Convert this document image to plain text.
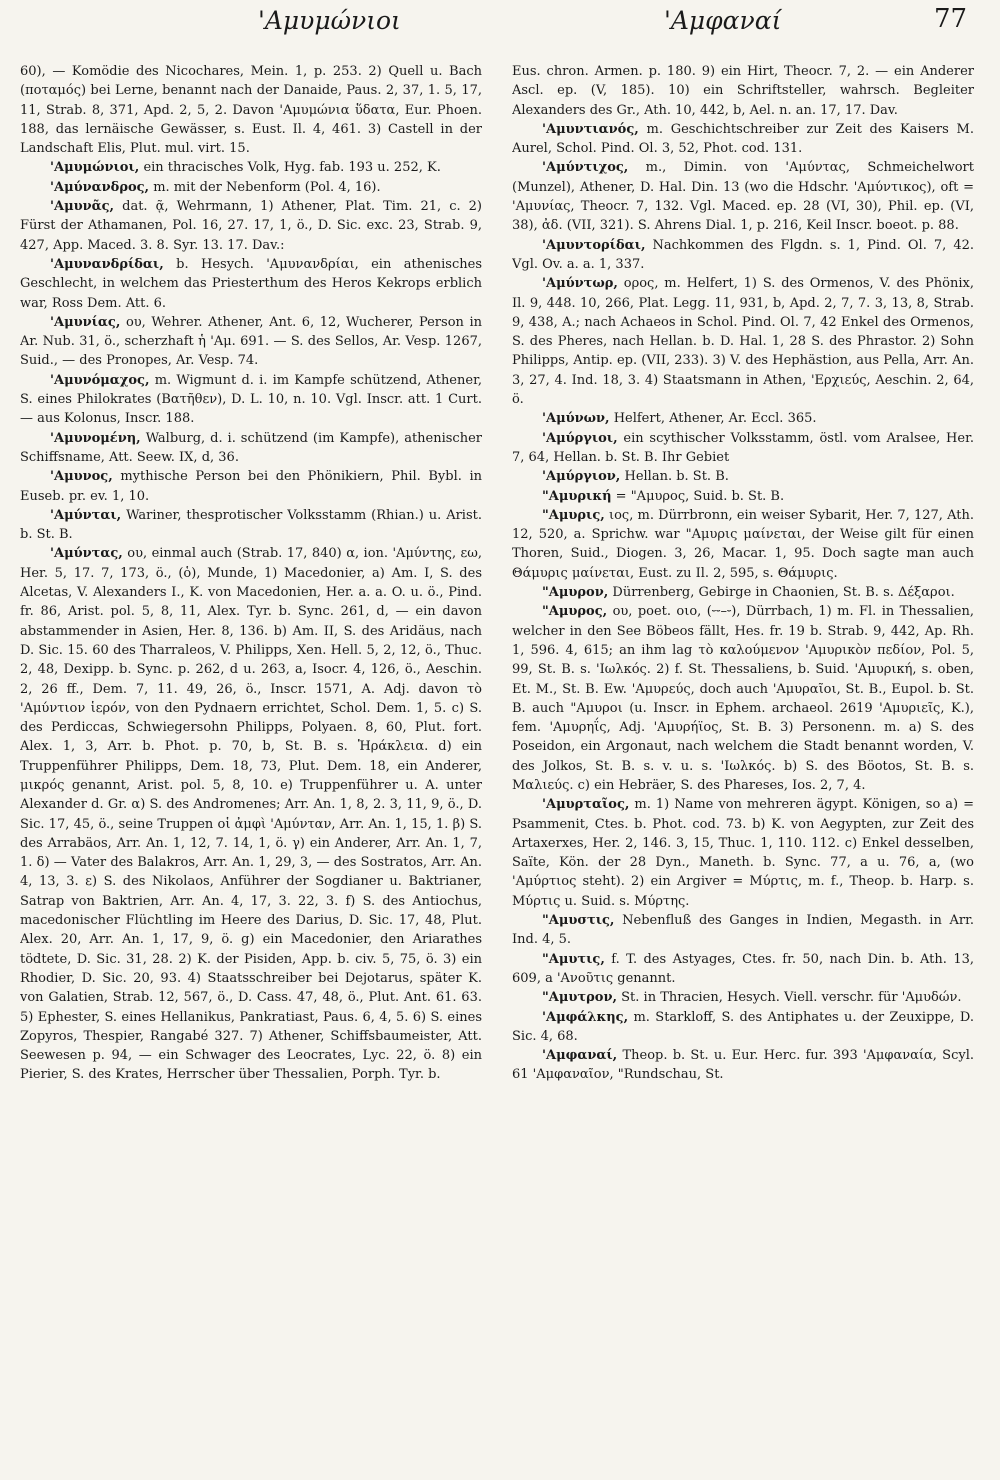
'Αμυμώνιοι	'Αμφαναί	77

60), — Komödie des Nicochares, Mein. 1, p. 253. 2) Quell u. Bach (ποταμός) bei Lerne, benannt nach der Danaide, Paus. 2, 37, 1. 5, 17, 11, Strab. 8, 371, Apd. 2, 5, 2. Davon 'Αμυμώνια ὕδατα, Eur. Phoen. 188, das lernäische Gewässer, s. Eust. Il. 4, 461. 3) Castell in der Landschaft Elis, Plut. mul. virt. 15.

'Αμυμώνιοι, ein thracisches Volk, Hyg. fab. 193 u. 252, K.

'Αμύνανδρος, m. mit der Nebenform (Pol. 4, 16).

'Αμυνᾶς, dat. ᾷ, Wehrmann, 1) Athener, Plat. Tim. 21, c. 2) Fürst der Athamanen, Pol. 16, 27. 17, 1, ö., D. Sic. exc. 23, Strab. 9, 427, App. Maced. 3. 8. Syr. 13. 17. Dav.:

'Αμυνανδρίδαι, b. Hesych. 'Αμυνανδρίαι, ein athenisches Geschlecht, in welchem das Priesterthum des Heros Kekrops erblich war, Ross Dem. Att. 6.

'Αμυνίας, ου, Wehrer. Athener, Ant. 6, 12, Wucherer, Person in Ar. Nub. 31, ö., scherzhaft ἡ 'Αμ. 691. — S. des Sellos, Ar. Vesp. 1267, Suid., — des Pronopes, Ar. Vesp. 74.

'Αμυνόμαχος, m. Wigmunt d. i. im Kampfe schützend, Athener, S. eines Philokrates (Βατῆθεν), D. L. 10, n. 10. Vgl. Inscr. att. 1 Curt. — aus Kolonus, Inscr. 188.

'Αμυνομένη, Walburg, d. i. schützend (im Kampfe), athenischer Schiffsname, Att. Seew. IX, d, 36.

'Αμυνος, mythische Person bei den Phönikiern, Phil. Bybl. in Euseb. pr. ev. 1, 10.

'Αμύνται, Wariner, thesprotischer Volksstamm (Rhian.) u. Arist. b. St. B.

'Αμύντας, ου, einmal auch (Strab. 17, 840) α, ion. 'Αμύντης, εω, Her. 5, 17. 7, 173, ö., (ὁ), Munde, 1) Macedonier, a) Am. I, S. des Alcetas, V. Alexanders I., K. von Macedonien, Her. a. a. O. u. ö., Pind. fr. 86, Arist. pol. 5, 8, 11, Alex. Tyr. b. Sync. 261, d, — ein davon abstammender in Asien, Her. 8, 136. b) Am. II, S. des Aridäus, nach D. Sic. 15. 60 des Tharraleos, V. Philipps, Xen. Hell. 5, 2, 12, ö., Thuc. 2, 48, Dexipp. b. Sync. p. 262, d u. 263, a, Isocr. 4, 126, ö., Aeschin. 2, 26 ff., Dem. 7, 11. 49, 26, ö., Inscr. 1571, A. Adj. davon τὸ 'Αμύντιον ἱερόν, von den Pydnaern errichtet, Schol. Dem. 1, 5. c) S. des Perdiccas, Schwiegersohn Philipps, Polyaen. 8, 60, Plut. fort. Alex. 1, 3, Arr. b. Phot. p. 70, b, St. B. s. Ἡράκλεια. d) ein Truppenführer Philipps, Dem. 18, 73, Plut. Dem. 18, ein Anderer, μικρός genannt, Arist. pol. 5, 8, 10. e) Truppenführer u. A. unter Alexander d. Gr. α) S. des Andromenes; Arr. An. 1, 8, 2. 3, 11, 9, ö., D. Sic. 17, 45, ö., seine Truppen οἱ ἀμφὶ 'Αμύνταν, Arr. An. 1, 15, 1. β) S. des Arrabäos, Arr. An. 1, 12, 7. 14, 1, ö. γ) ein Anderer, Arr. An. 1, 7, 1. δ) — Vater des Balakros, Arr. An. 1, 29, 3, — des Sostratos, Arr. An. 4, 13, 3. ε) S. des Nikolaos, Anführer der Sogdianer u. Baktrianer, Satrap von Baktrien, Arr. An. 4, 17, 3. 22, 3. f) S. des Antiochus, macedonischer Flüchtling im Heere des Darius, D. Sic. 17, 48, Plut. Alex. 20, Arr. An. 1, 17, 9, ö. g) ein Macedonier, den Ariarathes tödtete, D. Sic. 31, 28. 2) K. der Pisiden, App. b. civ. 5, 75, ö. 3) ein Rhodier, D. Sic. 20, 93. 4) Staatsschreiber bei Dejotarus, später K. von Galatien, Strab. 12, 567, ö., D. Cass. 47, 48, ö., Plut. Ant. 61. 63. 5) Ephester, S. eines Hellanikus, Pankratiast, Paus. 6, 4, 5. 6) S. eines Zopyros, Thespier, Rangabé 327. 7) Athener, Schiffsbaumeister, Att. Seewesen p. 94, — ein Schwager des Leocrates, Lyc. 22, ö. 8) ein Pierier, S. des Krates, Herrscher über Thessalien, Porph. Tyr. b.

Eus. chron. Armen. p. 180. 9) ein Hirt, Theocr. 7, 2. — ein Anderer Ascl. ep. (V, 185). 10) ein Schriftsteller, wahrsch. Begleiter Alexanders des Gr., Ath. 10, 442, b, Ael. n. an. 17, 17. Dav.

'Αμυντιανός, m. Geschichtschreiber zur Zeit des Kaisers M. Aurel, Schol. Pind. Ol. 3, 52, Phot. cod. 131.

'Αμύντιχος, m., Dimin. von 'Αμύντας, Schmeichelwort (Munzel), Athener, D. Hal. Din. 13 (wo die Hdschr. 'Αμύντικος), oft = 'Αμυνίας, Theocr. 7, 132. Vgl. Maced. ep. 28 (VI, 30), Phil. ep. (VI, 38), ἀδ. (VII, 321). S. Ahrens Dial. 1, p. 216, Keil Inscr. boeot. p. 88.

'Αμυντορίδαι, Nachkommen des Flgdn. s. 1, Pind. Ol. 7, 42. Vgl. Ov. a. a. 1, 337.

'Αμύντωρ, ορος, m. Helfert, 1) S. des Ormenos, V. des Phönix, Il. 9, 448. 10, 266, Plat. Legg. 11, 931, b, Apd. 2, 7, 7. 3, 13, 8, Strab. 9, 438, A.; nach Achaeos in Schol. Pind. Ol. 7, 42 Enkel des Ormenos, S. des Pheres, nach Hellan. b. D. Hal. 1, 28 S. des Phrastor. 2) Sohn Philipps, Antip. ep. (VII, 233). 3) V. des Hephästion, aus Pella, Arr. An. 3, 27, 4. Ind. 18, 3. 4) Staatsmann in Athen, 'Ερχιεύς, Aeschin. 2, 64, ö.

'Αμύνων, Helfert, Athener, Ar. Eccl. 365.

'Αμύργιοι, ein scythischer Volksstamm, östl. vom Aralsee, Her. 7, 64, Hellan. b. St. B. Ihr Gebiet

'Αμύργιον, Hellan. b. St. B.

"Αμυρική = "Αμυρος, Suid. b. St. B.

"Αμυρις, ιος, m. Dürrbronn, ein weiser Sybarit, Her. 7, 127, Ath. 12, 520, a. Sprichw. war "Αμυρις μαίνεται, der Weise gilt für einen Thoren, Suid., Diogen. 3, 26, Macar. 1, 95. Doch sagte man auch Θάμυρις μαίνεται, Eust. zu Il. 2, 595, s. Θάμυρις.

"Αμυρον, Dürrenberg, Gebirge in Chaonien, St. B. s. Δέξαροι.

"Αμυρος, ου, poet. οιο, (⏑⏑–⏑), Dürrbach, 1) m. Fl. in Thessalien, welcher in den See Böbeos fällt, Hes. fr. 19 b. Strab. 9, 442, Ap. Rh. 1, 596. 4, 615; an ihm lag τὸ καλούμενον 'Αμυρικὸν πεδίον, Pol. 5, 99, St. B. s. 'Ιωλκός. 2) f. St. Thessaliens, b. Suid. 'Αμυρική, s. oben, Et. M., St. B. Ew. 'Αμυρεύς, doch auch 'Αμυραῖοι, St. B., Eupol. b. St. B. auch "Αμυροι (u. Inscr. in Ephem. archaeol. 2619 'Αμυριεῖς, K.), fem. 'Αμυρηΐς, Adj. 'Αμυρήϊος, St. B. 3) Personenn. m. a) S. des Poseidon, ein Argonaut, nach welchem die Stadt benannt worden, V. des Jolkos, St. B. s. v. u. s. 'Ιωλκός. b) S. des Böotos, St. B. s. Μαλιεύς. c) ein Hebräer, S. des Phareses, Ios. 2, 7, 4.

'Αμυρταῖος, m. 1) Name von mehreren ägypt. Königen, so a) = Psammenit, Ctes. b. Phot. cod. 73. b) K. von Aegypten, zur Zeit des Artaxerxes, Her. 2, 146. 3, 15, Thuc. 1, 110. 112. c) Enkel desselben, Saïte, Kön. der 28 Dyn., Maneth. b. Sync. 77, a u. 76, a, (wo 'Αμύρτιος steht). 2) ein Argiver = Μύρτις, m. f., Theop. b. Harp. s. Μύρτις u. Suid. s. Μύρτης.

"Αμυστις, Nebenfluß des Ganges in Indien, Megasth. in Arr. Ind. 4, 5.

"Αμυτις, f. T. des Astyages, Ctes. fr. 50, nach Din. b. Ath. 13, 609, a 'Ανοῦτις genannt.

"Αμυτρον, St. in Thracien, Hesych. Viell. verschr. für 'Αμυδών.

'Αμφάλκης, m. Starkloff, S. des Antiphates u. der Zeuxippe, D. Sic. 4, 68.

'Αμφαναί, Theop. b. St. u. Eur. Herc. fur. 393 'Αμφαναία, Scyl. 61 'Αμφαναῖον, "Rundschau, St.
